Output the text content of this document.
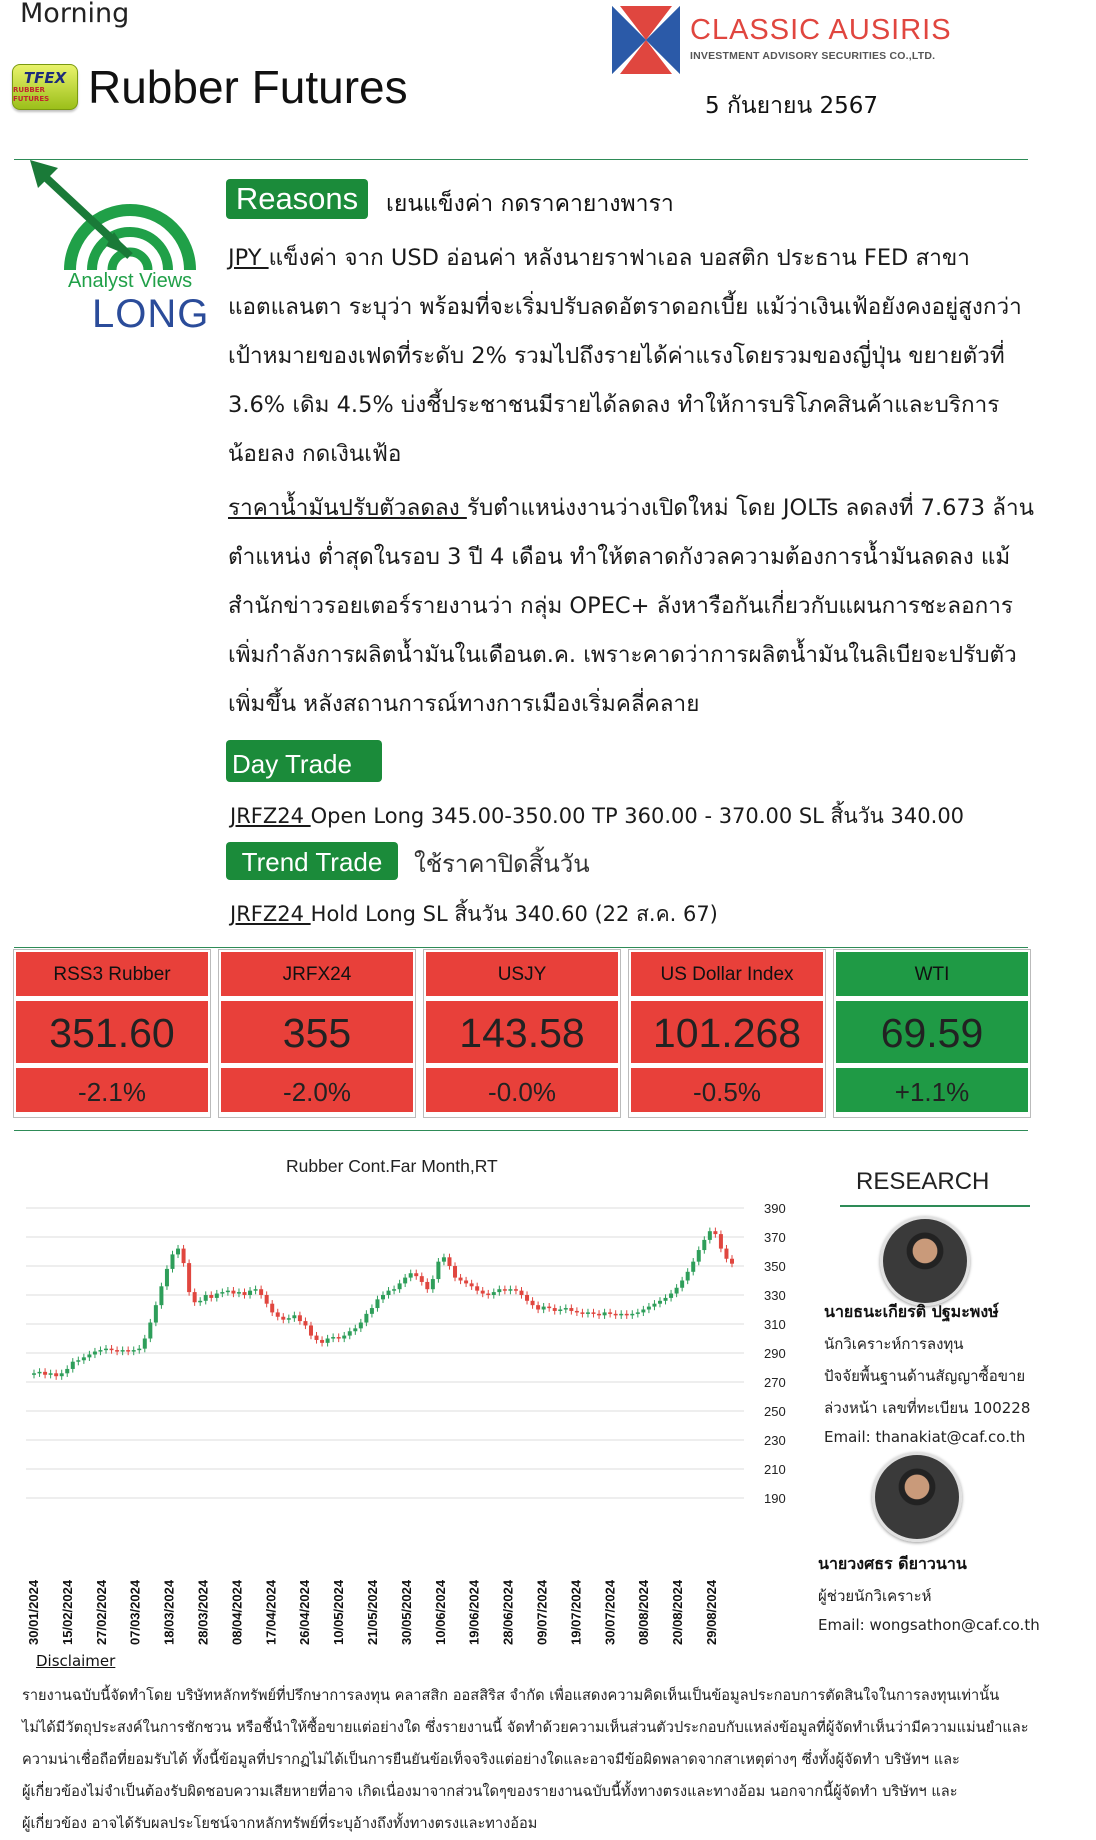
Morning
TFEX
RUBBER FUTURES Rubber Futures
CLASSIC AUSIRIS
INVESTMENT ADVISORY SECURITIES CO.,LTD.
5 กันยายน 2567
Analyst Views
LONG
Reasons	เยนแข็งค่า กดราคายางพารา
JPY แข็งค่า จาก USD อ่อนค่า หลังนายราฟาเอล บอสติก ประธาน FED สาขา
แอตแลนตา ระบุว่า พร้อมที่จะเริ่มปรับลดอัตราดอกเบี้ย แม้ว่าเงินเฟ้อยังคงอยู่สูงกว่า
เป้าหมายของเฟดที่ระดับ 2% รวมไปถึงรายได้ค่าแรงโดยรวมของญี่ปุ่น ขยายตัวที่
3.6% เดิม 4.5% บ่งชี้ประชาชนมีรายได้ลดลง ทำให้การบริโภคสินค้าและบริการ
น้อยลง กดเงินเฟ้อ
ราคาน้ำมันปรับตัวลดลง รับตำแหน่งงานว่างเปิดใหม่ โดย JOLTs ลดลงที่ 7.673 ล้าน
ตำแหน่ง ต่ำสุดในรอบ 3 ปี 4 เดือน ทำให้ตลาดกังวลความต้องการน้ำมันลดลง แม้
สำนักข่าวรอยเตอร์รายงานว่า กลุ่ม OPEC+ ลังหารือกันเกี่ยวกับแผนการชะลอการ
เพิ่มกำลังการผลิตน้ำมันในเดือนต.ค. เพราะคาดว่าการผลิตน้ำมันในลิเบียจะปรับตัว
เพิ่มขึ้น หลังสถานการณ์ทางการเมืองเริ่มคลี่คลาย
Day Trade
JRFZ24 Open Long 345.00-350.00 TP 360.00 - 370.00 SL สิ้นวัน 340.00
Trend Trade	ใช้ราคาปิดสิ้นวัน
JRFZ24 Hold Long SL สิ้นวัน 340.60 (22 ส.ค. 67)
RSS3 Rubber
351.60
-2.1%
JRFX24
355
-2.0%
USJY
143.58
-0.0%
US Dollar Index
101.268
-0.5%
WTI
69.59
+1.1%
Rubber Cont.Far Month,RT
390
370
350
330
310
290
270
250
230
210
190
30/01/2024 15/02/2024 27/02/2024 07/03/2024 18/03/2024 28/03/2024 08/04/2024 17/04/2024 26/04/2024 10/05/2024 21/05/2024 30/05/2024 10/06/2024 19/06/2024 28/06/2024 09/07/2024 19/07/2024 30/07/2024 08/08/2024 20/08/2024 29/08/2024
RESEARCH
นายธนะเกียรติ ปฐมะพงษ์
นักวิเคราะห์การลงทุน
ปัจจัยพื้นฐานด้านสัญญาซื้อขาย
ล่วงหน้า เลขที่ทะเบียน 100228
Email: thanakiat@caf.co.th
นายวงศธร ดียาวนาน
ผู้ช่วยนักวิเคราะห์
Email: wongsathon@caf.co.th
Disclaimer
รายงานฉบับนี้จัดทำโดย บริษัทหลักทรัพย์ที่ปรึกษาการลงทุน คลาสสิก ออสสิริส จำกัด เพื่อแสดงความคิดเห็นเป็นข้อมูลประกอบการตัดสินใจในการลงทุนเท่านั้น
ไม่ได้มีวัตถุประสงค์ในการชักชวน หรือชี้นำให้ซื้อขายแต่อย่างใด ซึ่งรายงานนี้ จัดทำด้วยความเห็นส่วนตัวประกอบกับแหล่งข้อมูลที่ผู้จัดทำเห็นว่ามีความแม่นยำและ
ความน่าเชื่อถือที่ยอมรับได้ ทั้งนี้ข้อมูลที่ปรากฏไม่ได้เป็นการยืนยันข้อเท็จจริงแต่อย่างใดและอาจมีข้อผิดพลาดจากสาเหตุต่างๆ ซึ่งทั้งผู้จัดทำ บริษัทฯ และ
ผู้เกี่ยวข้องไม่จำเป็นต้องรับผิดชอบความเสียหายที่อาจ เกิดเนื่องมาจากส่วนใดๆของรายงานฉบับนี้ทั้งทางตรงและทางอ้อม นอกจากนี้ผู้จัดทำ บริษัทฯ และ
ผู้เกี่ยวข้อง อาจได้รับผลประโยชน์จากหลักทรัพย์ที่ระบุอ้างถึงทั้งทางตรงและทางอ้อม
